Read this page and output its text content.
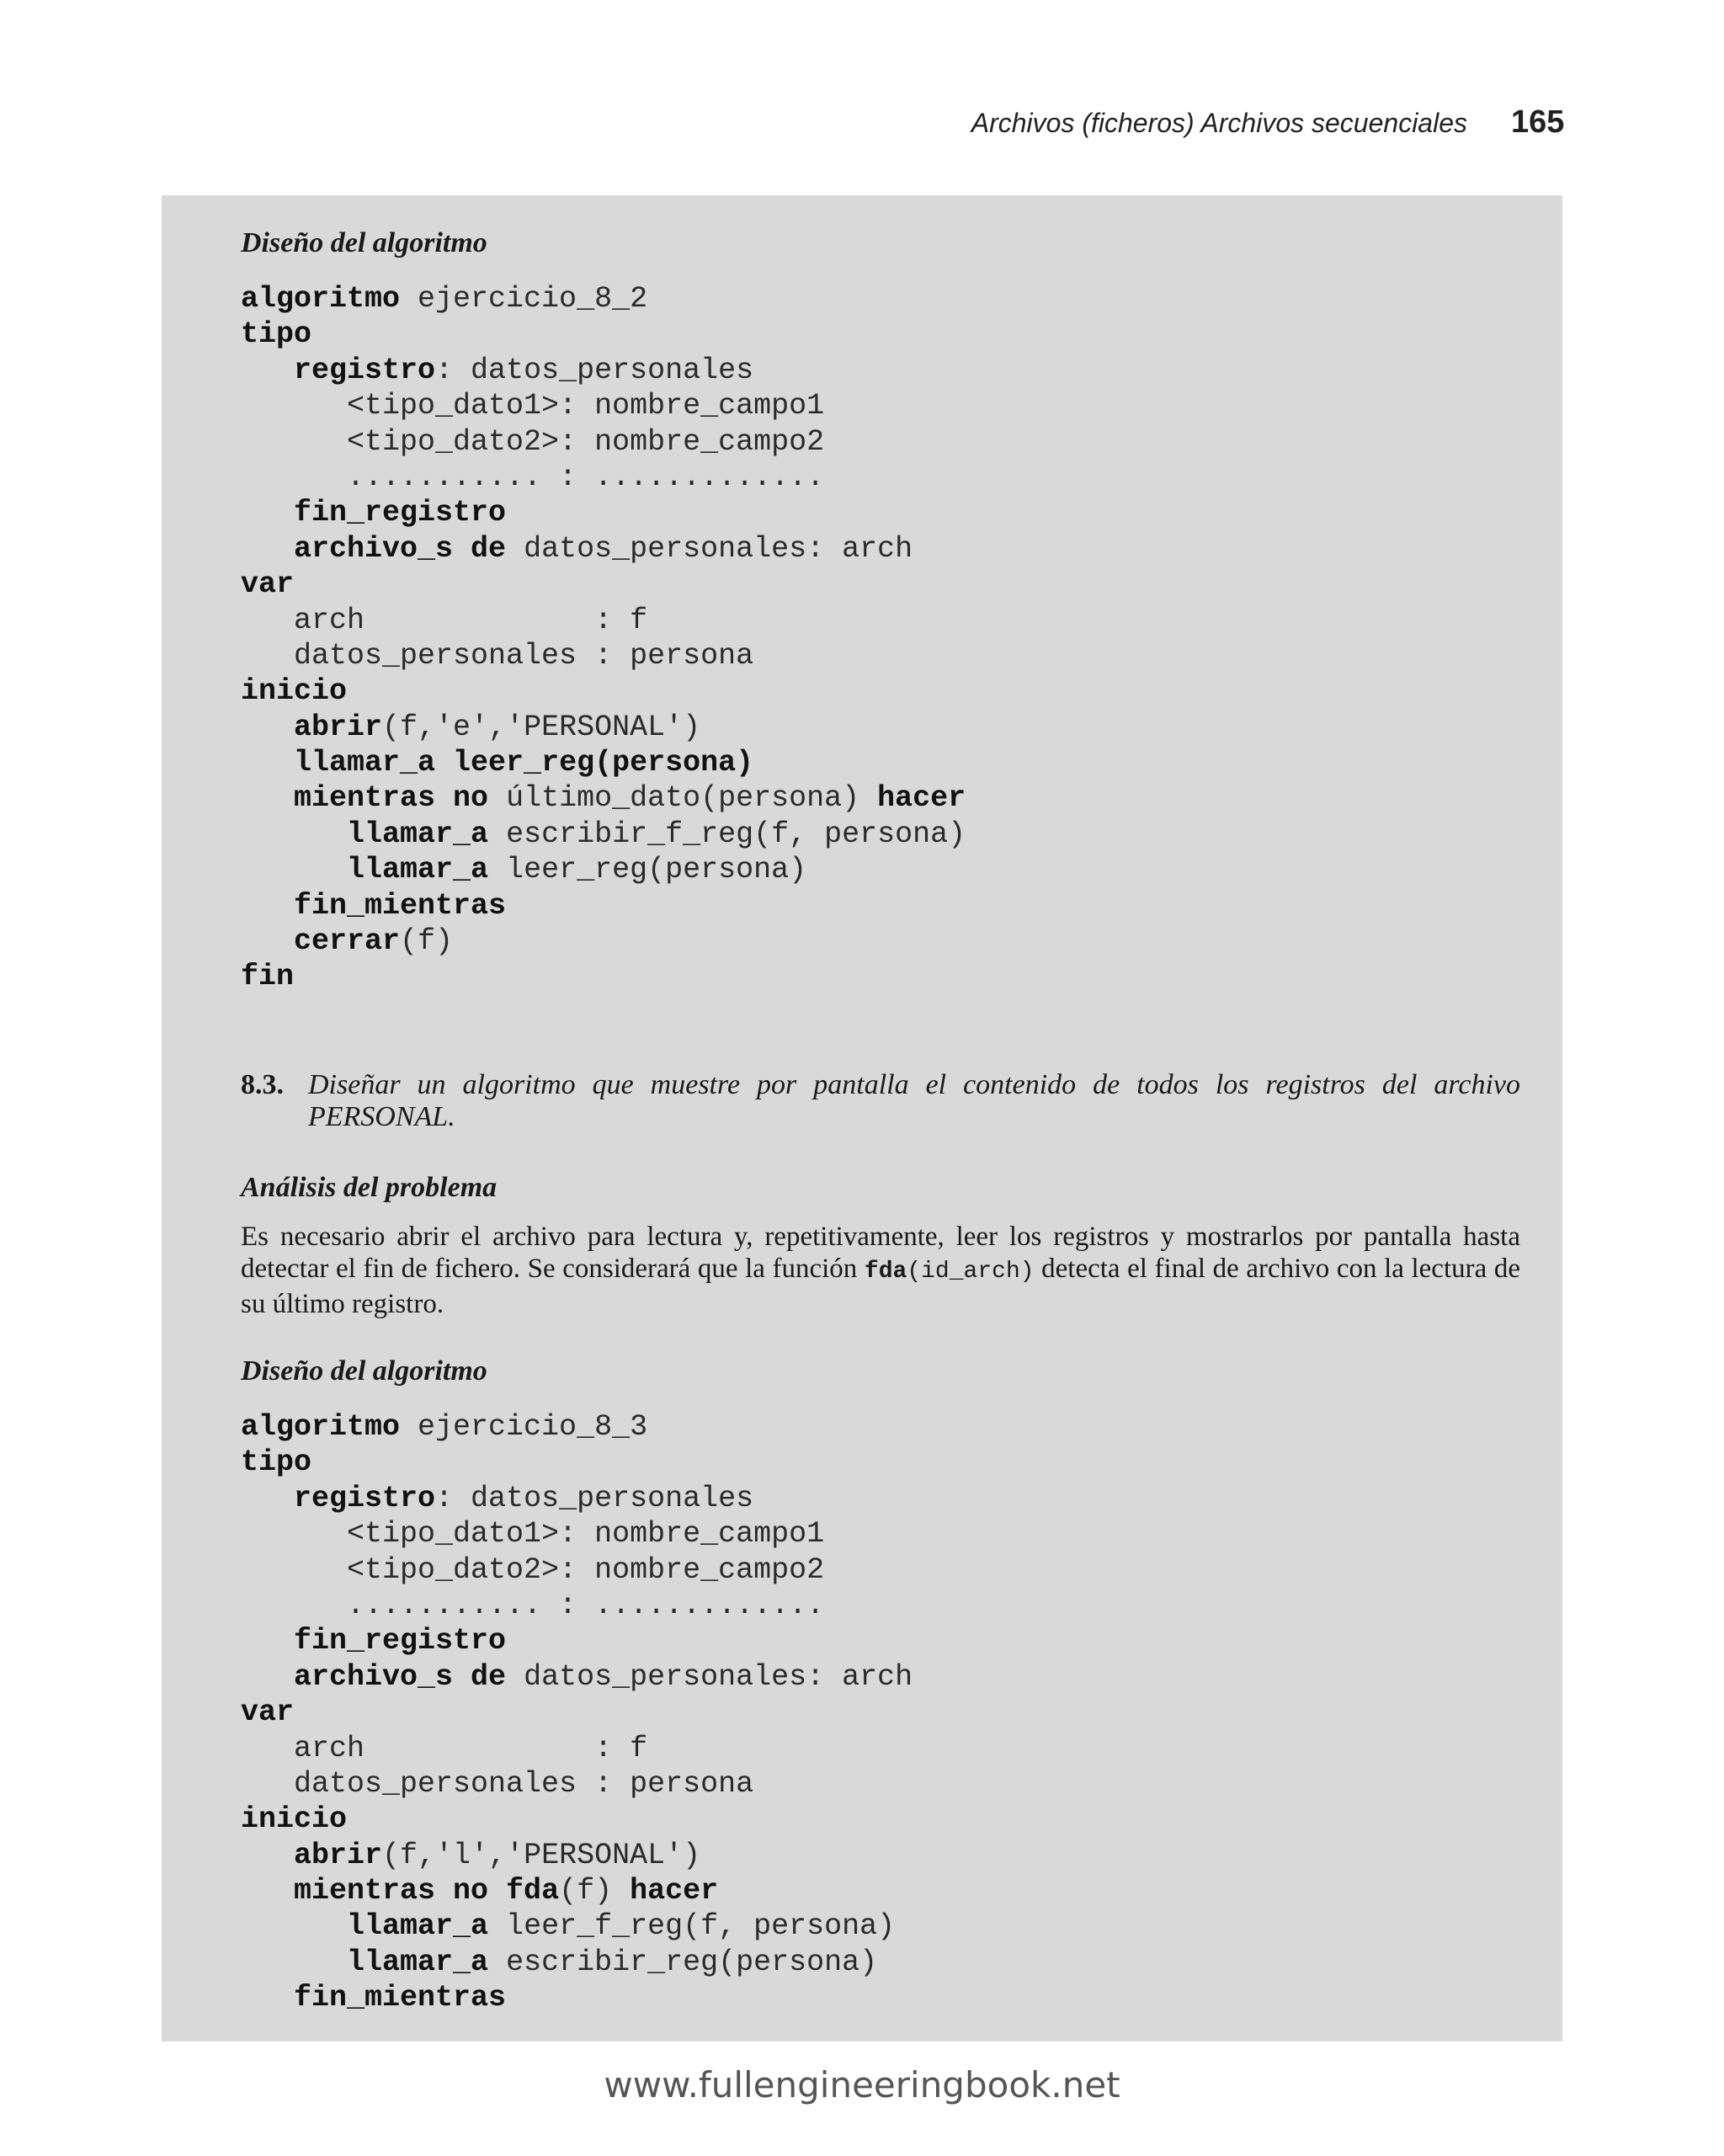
Archivos (ficheros) Archivos secuenciales 165
Diseño del algoritmo
algoritmo ejercicio_8_2
tipo
registro: datos_personales
<tipo_dato1>: nombre_campo1
<tipo_dato2>: nombre_campo2
........... : .............
fin_registro
archivo_s de datos_personales: arch
var
arch             : f
datos_personales : persona
inicio
abrir(f,'e','PERSONAL')
llamar_a leer_reg(persona)
mientras no último_dato(persona) hacer
llamar_a escribir_f_reg(f, persona)
llamar_a leer_reg(persona)
fin_mientras
cerrar(f)
fin
8.3. Diseñar un algoritmo que muestre por pantalla el contenido de todos los registros del archivo PERSONAL.
Análisis del problema
Es necesario abrir el archivo para lectura y, repetitivamente, leer los registros y mostrarlos por pantalla hasta detectar el fin de fichero. Se considerará que la función fda(id_arch) detecta el final de archivo con la lectura de su último registro.
Diseño del algoritmo
algoritmo ejercicio_8_3
tipo
registro: datos_personales
<tipo_dato1>: nombre_campo1
<tipo_dato2>: nombre_campo2
........... : .............
fin_registro
archivo_s de datos_personales: arch
var
arch             : f
datos_personales : persona
inicio
abrir(f,'l','PERSONAL')
mientras no fda(f) hacer
llamar_a leer_f_reg(f, persona)
llamar_a escribir_reg(persona)
fin_mientras
www.fullengineeringbook.net
